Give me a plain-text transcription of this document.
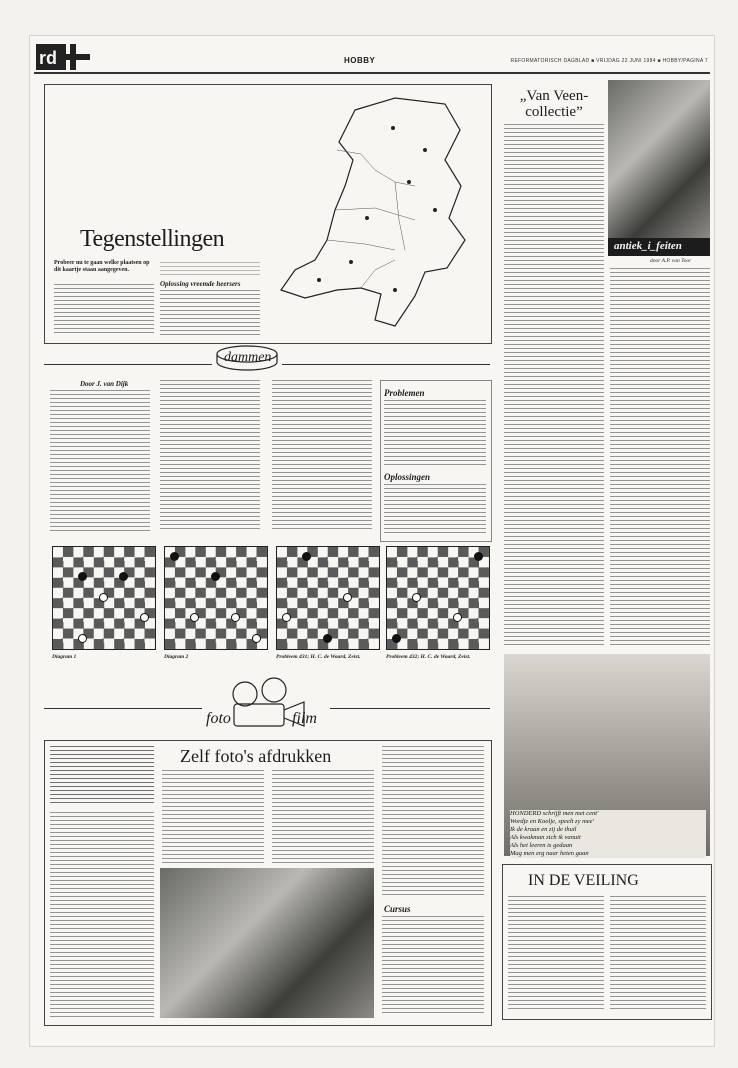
rd	HOBBY	REFORMATORISCH DAGBLAD ■ VRIJDAG 22 JUNI 1984 ■ HOBBY/PAGINA 7
Tegenstellingen
Probeer nu te gaan welke plaatsen op dit kaartje staan aangegeven.
Oplossing vreemde heersers
dammen
Door J. van Dijk
Problemen
Oplossingen
Diagram 1	Diagram 2	Probleem 431; H. C. de Waard, Zeist.	Probleem 432; H. C. de Waard, Zeist.
„Van Veen-collectie”
antiek_i_feiten
door A.P. van Toor
HONDERD schrijft men met cent'
Wordje en Koolje, speelt zy mee'
Ik de kraan en zij de thuil
Als kwakman zich ik vanuit
Als het leeren is gedaan
Mag men erg naar heten gaan
IN DE VEILING
foto	film
Zelf foto's afdrukken
Cursus
